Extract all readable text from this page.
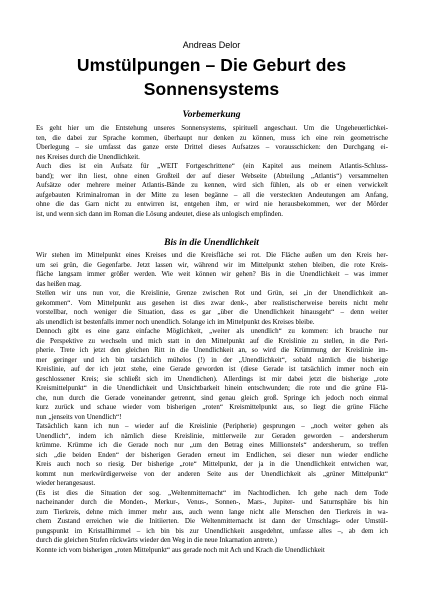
Andreas Delor
Umstülpungen – Die Geburt des
Sonnensystems
Vorbemerkung
Es geht hier um die Entstehung unseres Sonnensystems, spirituell angeschaut. Um die Ungeheuerlichkei-
ten, die dabei zur Sprache kommen, überhaupt nur denken zu können, muss ich eine rein geometrische
Überlegung – sie umfasst das ganze erste Drittel dieses Aufsatzes – vorausschicken: den Durchgang ei-
nes Kreises durch die Unendlichkeit.
Auch dies ist ein Aufsatz für „WEIT Fortgeschrittene“ (ein Kapitel aus meinem Atlantis-Schluss-
band); wer ihn liest, ohne einen Großteil der auf dieser Webseite (Abteilung „Atlantis“) versammelten
Aufsätze oder mehrere meiner Atlantis-Bände zu kennen, wird sich fühlen, als ob er einen verwickelt
aufgebauten Kriminalroman in der Mitte zu lesen begänne – all die versteckten Andeutungen am Anfang,
ohne die das Garn nicht zu entwirren ist, entgehen ihm, er wird nie herausbekommen, wer der Mörder
ist, und wenn sich dann im Roman die Lösung andeutet, diese als unlogisch empfinden.
Bis in die Unendlichkeit
Wir stehen im Mittelpunkt eines Kreises und die Kreisfläche sei rot. Die Fläche außen um den Kreis her-
um sei grün, die Gegenfarbe. Jetzt lassen wir, während wir im Mittelpunkt stehen bleiben, die rote Kreis-
fläche langsam immer größer werden. Wie weit können wir gehen? Bis in die Unendlichkeit – was immer
das heißen mag.
Stellen wir uns nun vor, die Kreislinie, Grenze zwischen Rot und Grün, sei „in der Unendlichkeit an-
gekommen“. Vom Mittelpunkt aus gesehen ist dies zwar denk-, aber realistischerweise bereits nicht mehr
vorstellbar, noch weniger die Situation, dass es gar „über die Unendlichkeit hinausgeht“ – denn weiter
als unendlich ist bestenfalls immer noch unendlich. Solange ich im Mittelpunkt des Kreises bleibe.
Dennoch gibt es eine ganz einfache Möglichkeit, „weiter als unendlich“ zu kommen: ich brauche nur
die Perspektive zu wechseln und mich statt in den Mittelpunkt auf die Kreislinie zu stellen, in die Peri-
pherie. Trete ich jetzt den gleichen Ritt in die Unendlichkeit an, so wird die Krümmung der Kreislinie im-
mer geringer und ich bin tatsächlich mühelos (!) in der „Unendlichkeit“, sobald nämlich die bisherige
Kreislinie, auf der ich jetzt stehe, eine Gerade geworden ist (diese Gerade ist tatsächlich immer noch ein
geschlossener Kreis; sie schließt sich im Unendlichen). Allerdings ist mir dabei jetzt die bisherige „rote
Kreismittelpunkt“ in die Unendlichkeit und Unsichtbarkeit hinein entschwunden; die rote und die grüne Flä-
che, nun durch die Gerade voneinander getrennt, sind genau gleich groß. Springe ich jedoch noch einmal
kurz zurück und schaue wieder vom bisherigen „roten“ Kreismittelpunkt aus, so liegt die grüne Fläche
nun „jenseits von Unendlich“!
Tatsächlich kann ich nun – wieder auf die Kreislinie (Peripherie) gesprungen – „noch weiter gehen als
Unendlich“, indem ich nämlich diese Kreislinie, mittlerweile zur Geraden geworden – andersherum
krümme. Krümme ich die Gerade noch nur „um den Betrag eines Millionstels“ andersherum, so treffen
sich „die beiden Enden“ der bisherigen Geraden erneut im Endlichen, sei dieser nun wieder endliche
Kreis auch noch so riesig. Der bisherige „rote“ Mittelpunkt, der ja in die Unendlichkeit entwichen war,
kommt nun merkwürdigerweise von der anderen Seite aus der Unendlichkeit als „grüner Mittelpunkt“
wieder herangesaust.
(Es ist dies die Situation der sog. „Weltenmitternacht“ im Nachtodlichen. Ich gehe nach dem Tode
nacheinander durch die Monden-, Merkur-, Venus-, Sonnen-, Mars-, Jupiter- und Saturnsphäre bis hin
zum Tierkreis, dehne mich immer mehr aus, auch wenn lange nicht alle Menschen den Tierkreis in wa-
chem Zustand erreichen wie die Initiierten. Die Weltenmitternacht ist dann der Umschlags- oder Umstül-
pungspunkt im Kristallhimmel – ich bin bis zur Unendlichkeit ausgedehnt, umfasse alles –, ab dem ich
durch die gleichen Stufen rückwärts wieder den Weg in die neue Inkarnation antrete.)
Konnte ich vom bisherigen „roten Mittelpunkt“ aus gerade noch mit Ach und Krach die Unendlichkeit
